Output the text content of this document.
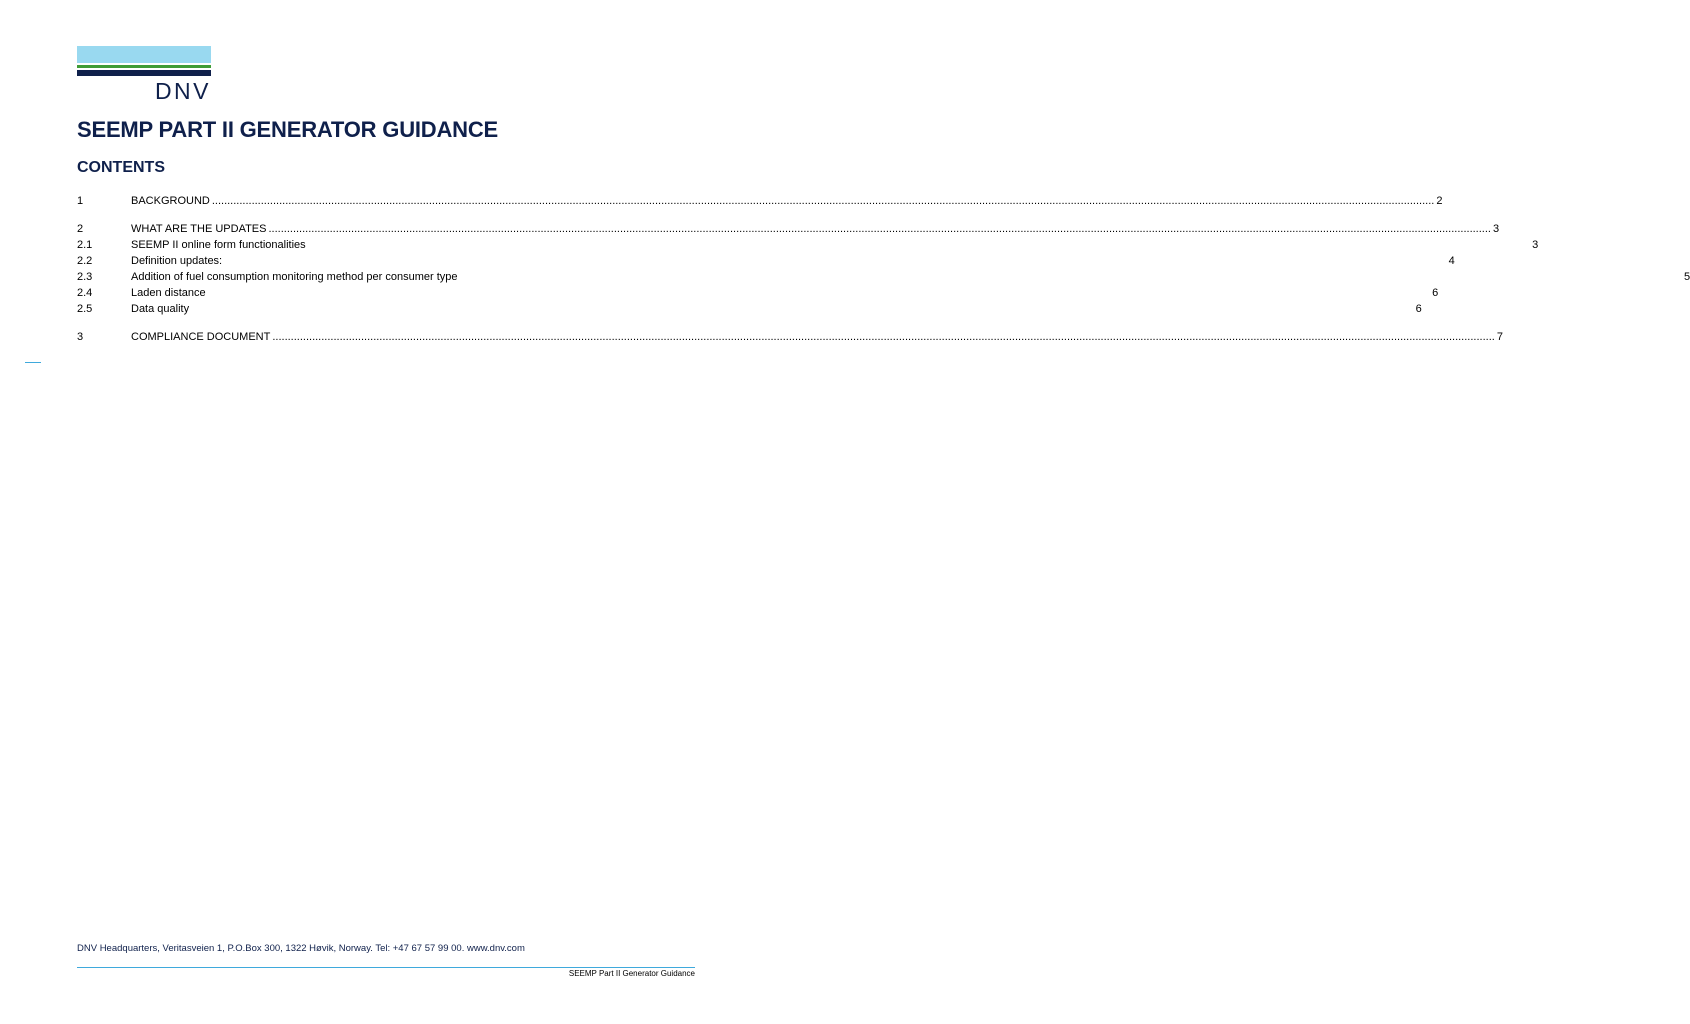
DNV
SEEMP PART II GENERATOR GUIDANCE
CONTENTS
1	BACKGROUND ................................................................................................................................................................................................................................................................................................................................................................................................................ 2
2	WHAT ARE THE UPDATES ................................................................................................................................................................................................................................................................................................................................................................................................................ 3
2.1	SEEMP II online form functionalities	3
2.2	Definition updates:	4
2.3	Addition of fuel consumption monitoring method per consumer type	5
2.4	Laden distance	6
2.5	Data quality	6
3	COMPLIANCE DOCUMENT ................................................................................................................................................................................................................................................................................................................................................................................................................ 7
DNV Headquarters, Veritasveien 1, P.O.Box 300, 1322 Høvik, Norway. Tel: +47 67 57 99 00. www.dnv.com
SEEMP Part II Generator Guidance
